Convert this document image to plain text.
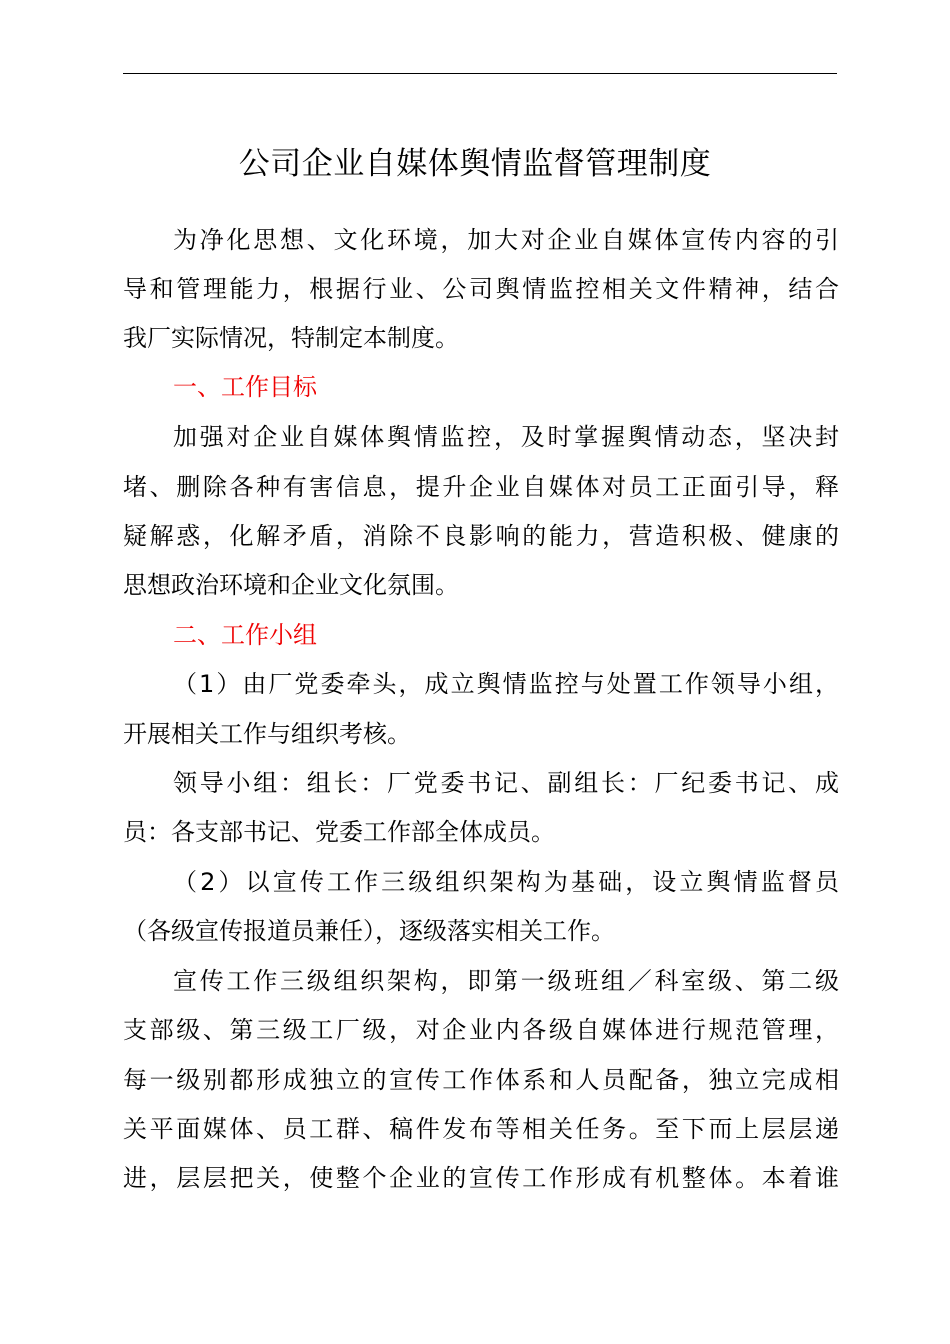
公司企业自媒体舆情监督管理制度

为净化思想、文化环境，加大对企业自媒体宣传内容的引

导和管理能力，根据行业、公司舆情监控相关文件精神，结合

我厂实际情况，特制定本制度。

一、工作目标

加强对企业自媒体舆情监控，及时掌握舆情动态，坚决封

堵、删除各种有害信息，提升企业自媒体对员工正面引导，释

疑解惑，化解矛盾，消除不良影响的能力，营造积极、健康的

思想政治环境和企业文化氛围。

二、工作小组

（1）由厂党委牵头，成立舆情监控与处置工作领导小组，

开展相关工作与组织考核。

领导小组：组长：厂党委书记、副组长：厂纪委书记、成

员：各支部书记、党委工作部全体成员。

（2）以宣传工作三级组织架构为基础，设立舆情监督员

（各级宣传报道员兼任），逐级落实相关工作。

宣传工作三级组织架构，即第一级班组／科室级、第二级

支部级、第三级工厂级，对企业内各级自媒体进行规范管理，

每一级别都形成独立的宣传工作体系和人员配备，独立完成相

关平面媒体、员工群、稿件发布等相关任务。至下而上层层递

进，层层把关，使整个企业的宣传工作形成有机整体。本着谁
